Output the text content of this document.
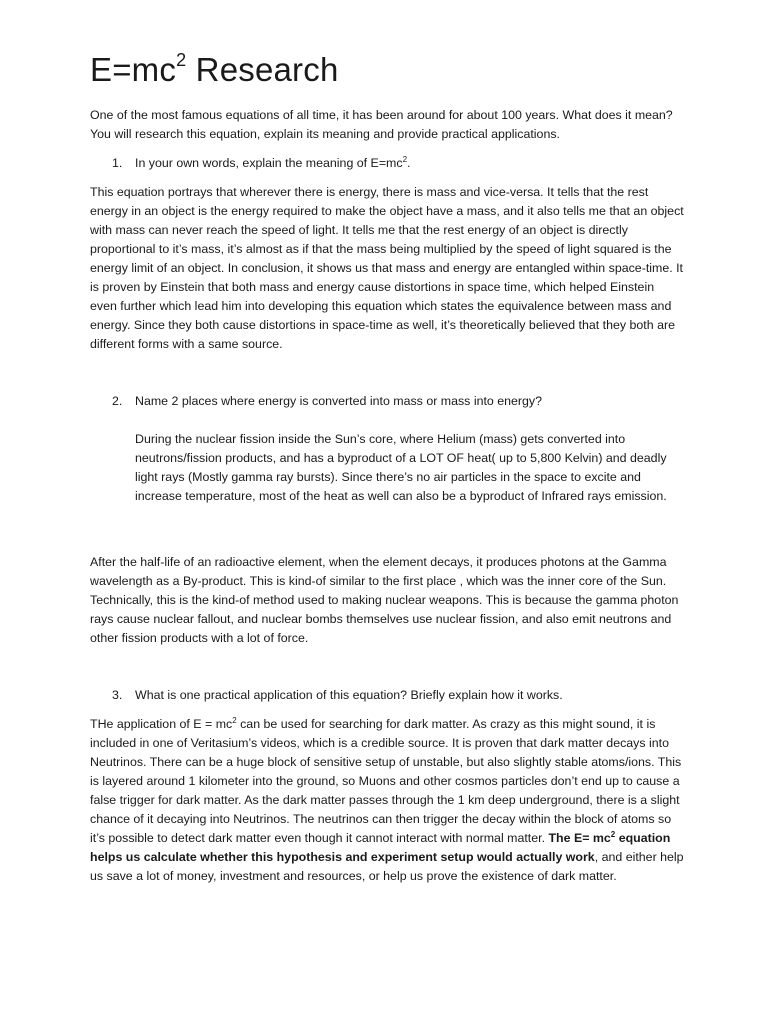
$E=mc^2$ Research

One of the most famous equations of all time, it has been around for about 100 years. What does it mean? You will research this equation, explain its meaning and provide practical applications.

1. In your own words, explain the meaning of $E=mc^2$.

This equation portrays that wherever there is energy, there is mass and vice-versa. It tells that the rest energy in an object is the energy required to make the object have a mass, and it also tells me that an object with mass can never reach the speed of light. It tells me that the rest energy of an object is directly proportional to it’s mass, it’s almost as if that the mass being multiplied by the speed of light squared is the energy limit of an object. In conclusion, it shows us that mass and energy are entangled within space-time. It is proven by Einstein that both mass and energy cause distortions in space time, which helped Einstein even further which lead him into developing this equation which states the equivalence between mass and energy. Since they both cause distortions in space-time as well, it’s theoretically believed that they both are different forms with a same source.

2. Name 2 places where energy is converted into mass or mass into energy?

During the nuclear fission inside the Sun’s core, where Helium (mass) gets converted into neutrons/fission products, and has a byproduct of a LOT OF heat( up to 5,800 Kelvin) and deadly light rays (Mostly gamma ray bursts). Since there’s no air particles in the space to excite and increase temperature, most of the heat as well can also be a byproduct of Infrared rays emission.

After the half-life of an radioactive element, when the element decays, it produces photons at the Gamma wavelength as a By-product. This is kind-of similar to the first place , which was the inner core of the Sun. Technically, this is the kind-of method used to making nuclear weapons. This is because the gamma photon rays cause nuclear fallout, and nuclear bombs themselves use nuclear fission, and also emit neutrons and other fission products with a lot of force.

3. What is one practical application of this equation? Briefly explain how it works.

THe application of $E = mc^2$ can be used for searching for dark matter. As crazy as this might sound, it is included in one of Veritasium’s videos, which is a credible source. It is proven that dark matter decays into Neutrinos. There can be a huge block of sensitive setup of unstable, but also slightly stable atoms/ions. This is layered around 1 kilometer into the ground, so Muons and other cosmos particles don’t end up to cause a false trigger for dark matter. As the dark matter passes through the 1 km deep underground, there is a slight chance of it decaying into Neutrinos. The neutrinos can then trigger the decay within the block of atoms so it’s possible to detect dark matter even though it cannot interact with normal matter. The $E= mc^2$ equation helps us calculate whether this hypothesis and experiment setup would actually work, and either help us save a lot of money, investment and resources, or help us prove the existence of dark matter.
